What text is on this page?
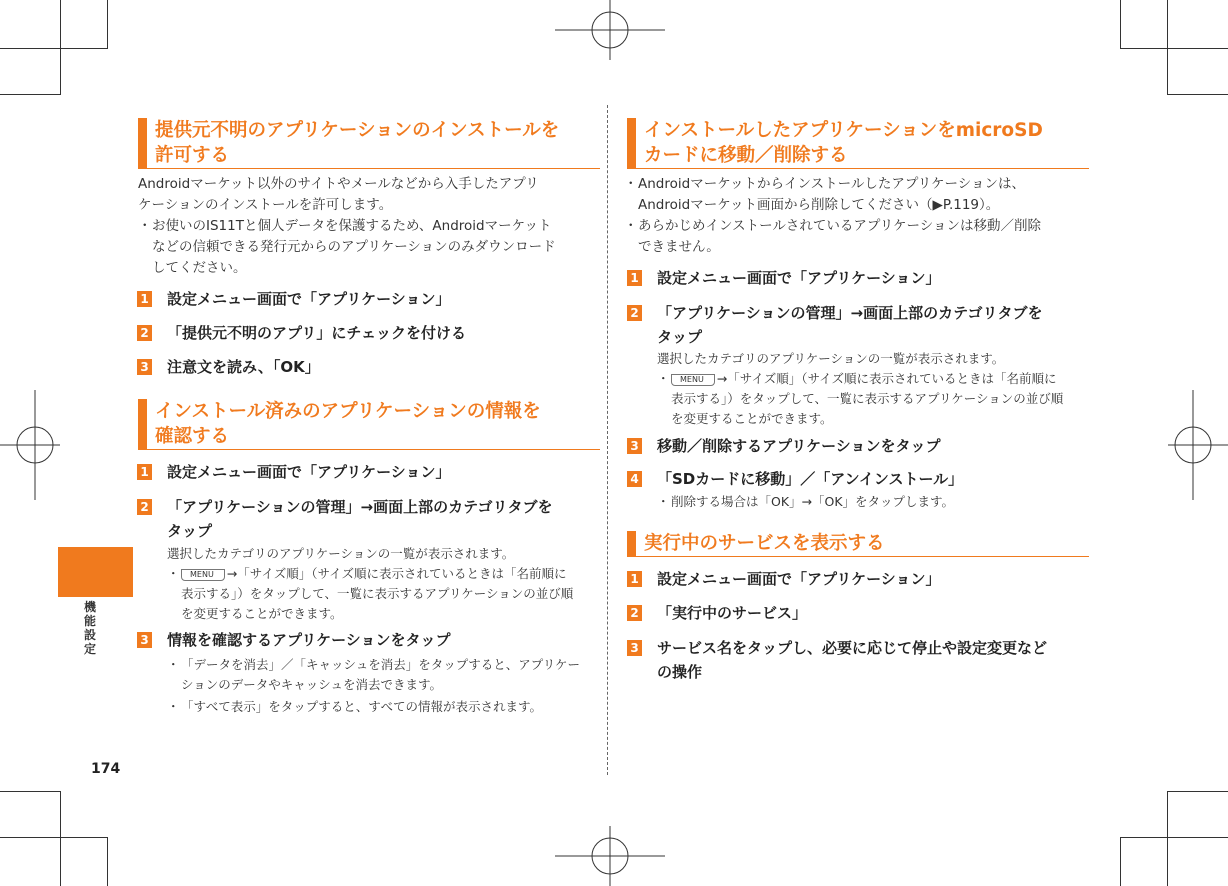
機能設定
174
提供元不明のアプリケーションのインストールを
許可する
Androidマーケット以外のサイトやメールなどから入手したアプリ
ケーションのインストールを許可します。
・ お使いのIS11Tと個人データを保護するため、Androidマーケット
などの信頼できる発行元からのアプリケーションのみダウンロード
してください。
1 設定メニュー画面で「アプリケーション」
2 「提供元不明のアプリ」にチェックを付ける
3 注意文を読み、「OK」
インストール済みのアプリケーションの情報を
確認する
1 設定メニュー画面で「アプリケーション」
2 「アプリケーションの管理」→画面上部のカテゴリタブを
タップ
選択したカテゴリのアプリケーションの一覧が表示されます。
・	MENU →「サイズ順」（サイズ順に表示されているときは「名前順に
表示する」）をタップして、一覧に表示するアプリケーションの並び順
を変更することができます。
3 情報を確認するアプリケーションをタップ
・ 「データを消去」／「キャッシュを消去」をタップすると、アプリケー
ションのデータやキャッシュを消去できます。
・ 「すべて表示」をタップすると、すべての情報が表示されます。
インストールしたアプリケーションをmicroSD
カードに移動／削除する
・ Androidマーケットからインストールしたアプリケーションは、
Androidマーケット画面から削除してください（▶P.119）。
・ あらかじめインストールされているアプリケーションは移動／削除
できません。
1 設定メニュー画面で「アプリケーション」
2 「アプリケーションの管理」→画面上部のカテゴリタブを
タップ
選択したカテゴリのアプリケーションの一覧が表示されます。
・	MENU →「サイズ順」（サイズ順に表示されているときは「名前順に
表示する」）をタップして、一覧に表示するアプリケーションの並び順
を変更することができます。
3 移動／削除するアプリケーションをタップ
4 「SDカードに移動」／「アンインストール」
・ 削除する場合は「OK」→「OK」をタップします。
実行中のサービスを表示する
1 設定メニュー画面で「アプリケーション」
2 「実行中のサービス」
3 サービス名をタップし、必要に応じて停止や設定変更など
の操作
